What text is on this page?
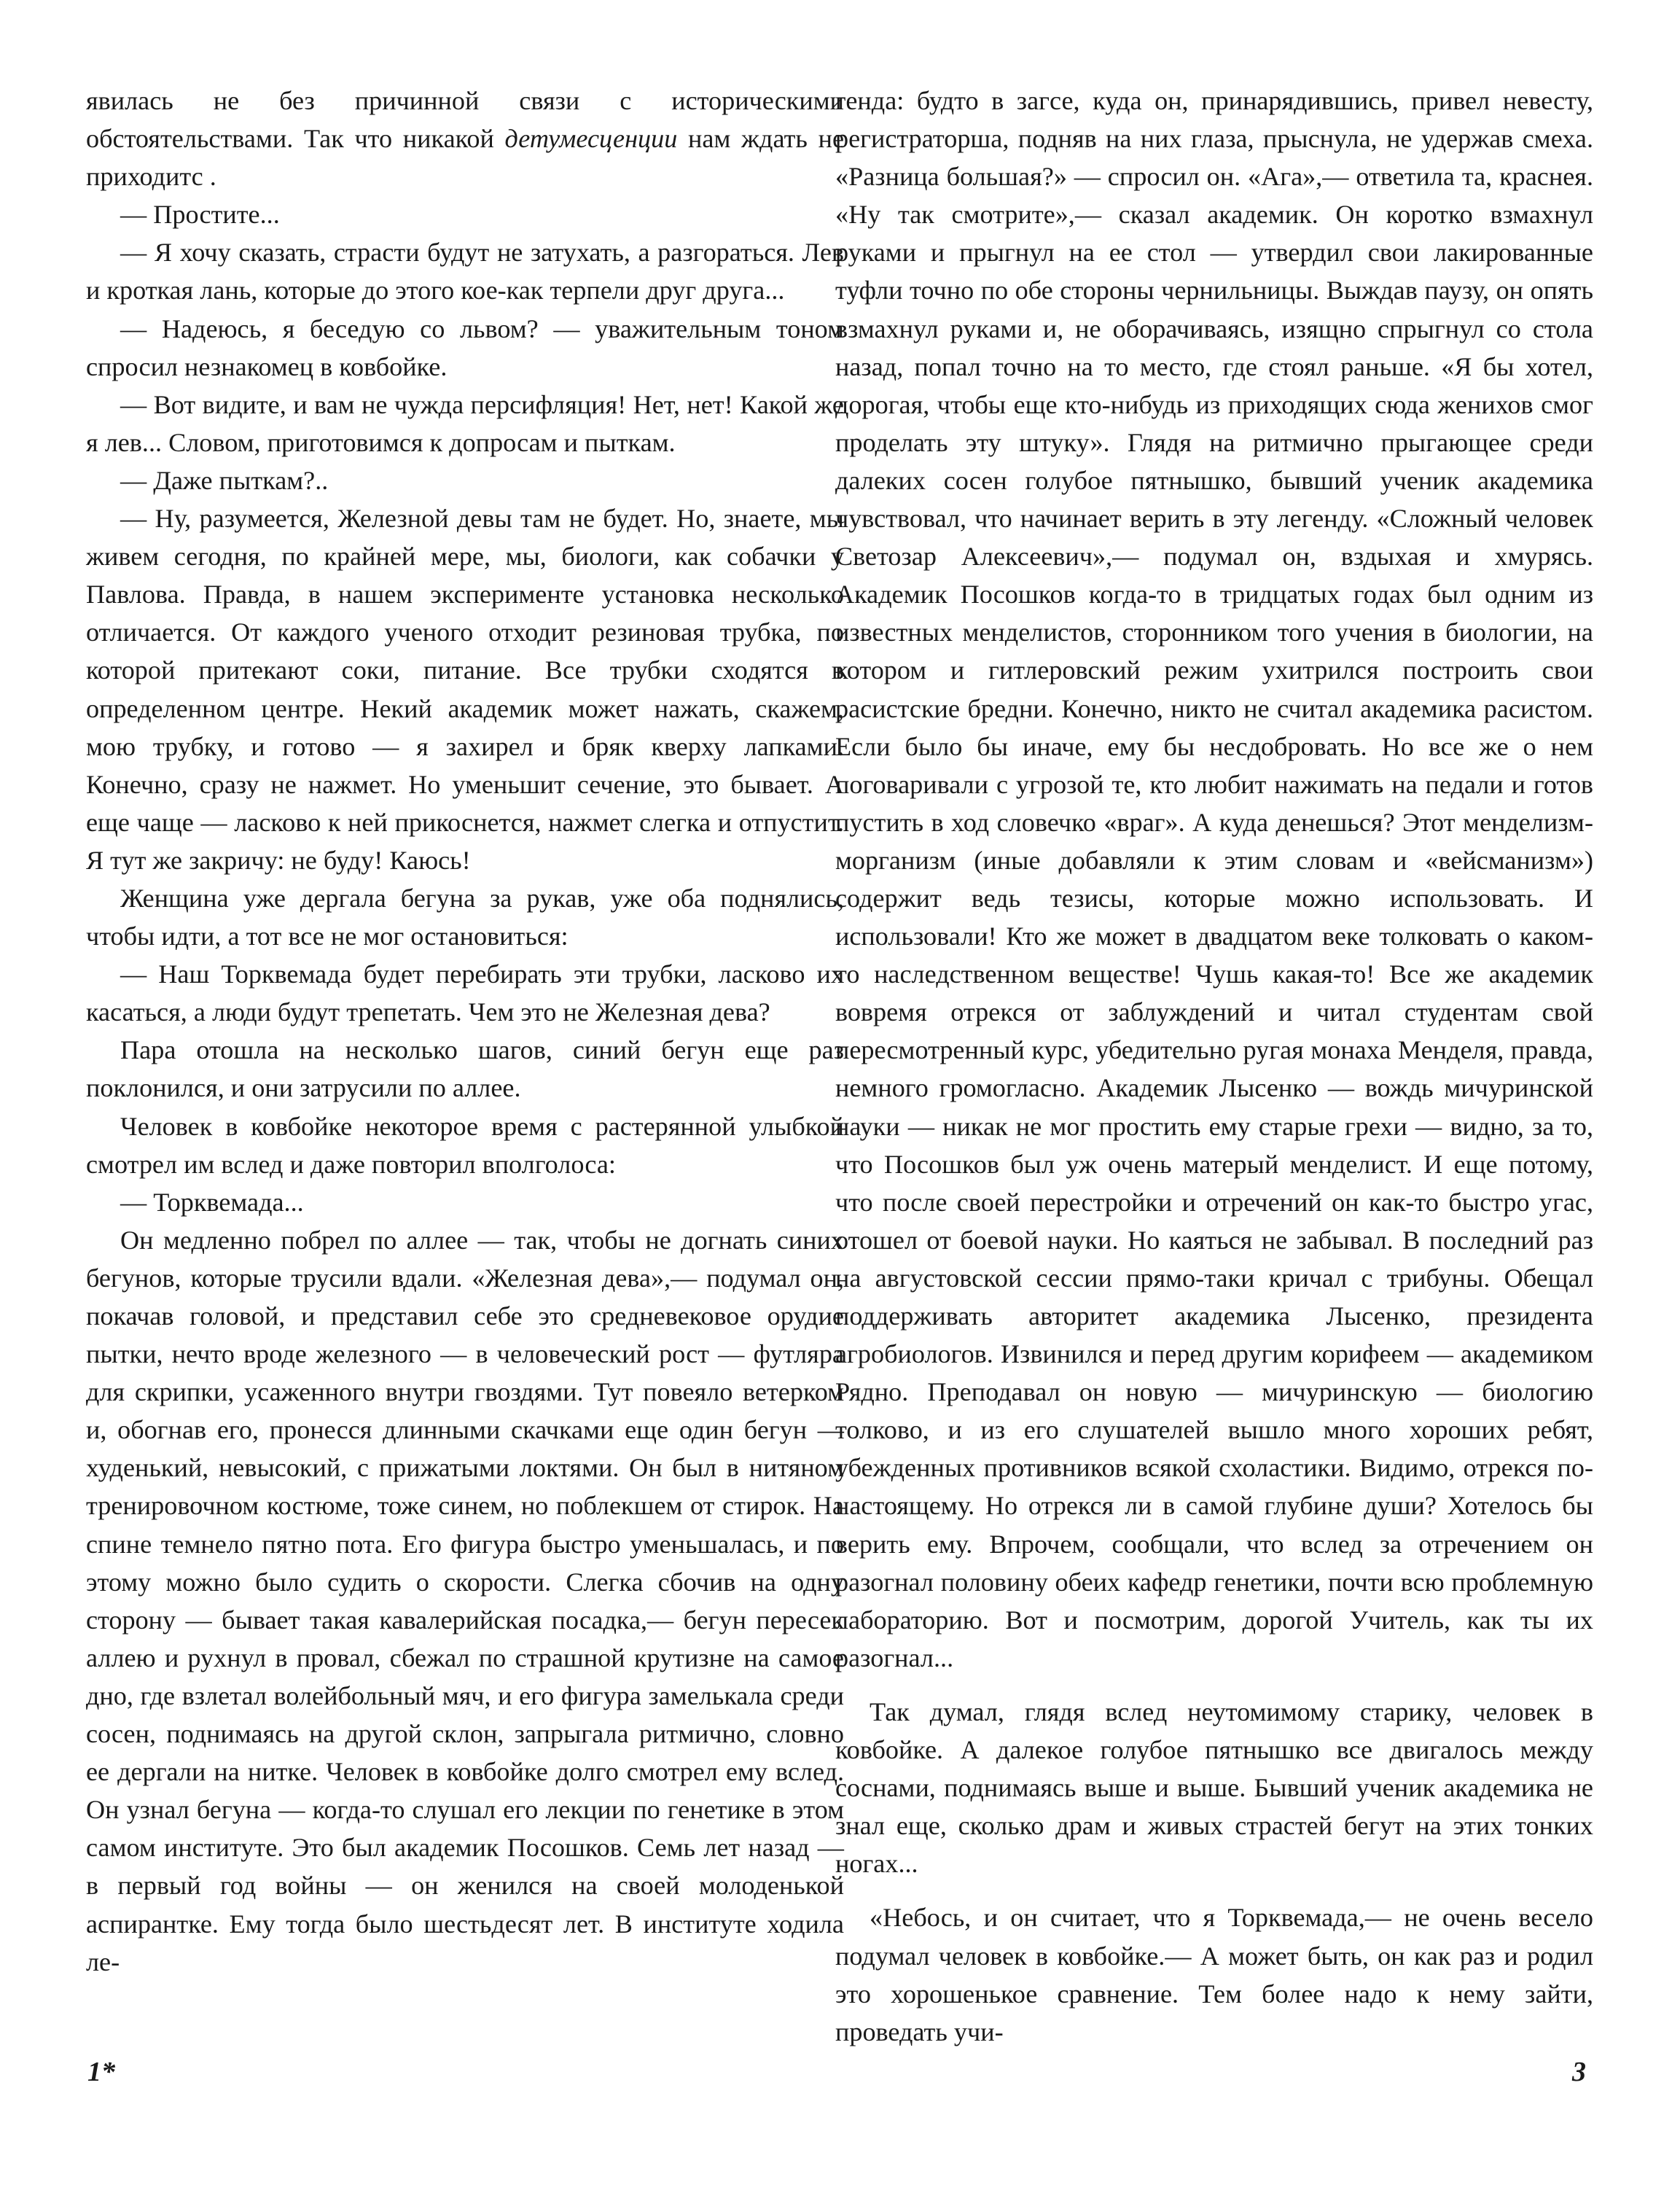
явилась не без причинной связи с историческими обстоятельствами. Так что никакой детумесценции нам ждать не приходитс .

— Простите...

— Я хочу сказать, страсти будут не затухать, а разгораться. Лев и кроткая лань, которые до этого кое-как терпели друг друга...

— Надеюсь, я беседую со львом? — уважительным тоном спросил незнакомец в ковбойке.

— Вот видите, и вам не чужда персифляция! Нет, нет! Какой же я лев... Словом, приготовимся к допросам и пыткам.

— Даже пыткам?..

— Ну, разумеется, Железной девы там не будет. Но, знаете, мы живем сегодня, по крайней мере, мы, биологи, как собачки у Павлова. Правда, в нашем эксперименте установка несколько отличается. От каждого ученого отходит резиновая трубка, по которой притекают соки, питание. Все трубки сходятся в определенном центре. Некий академик может нажать, скажем, мою трубку, и готово — я захирел и бряк кверху лапками. Конечно, сразу не нажмет. Но уменьшит сечение, это бывает. А еще чаще — ласково к ней прикоснется, нажмет слегка и отпустит. Я тут же закричу: не буду! Каюсь!

Женщина уже дергала бегуна за рукав, уже оба поднялись, чтобы идти, а тот все не мог остановиться:

— Наш Торквемада будет перебирать эти трубки, ласково их касаться, а люди будут трепетать. Чем это не Железная дева?

Пара отошла на несколько шагов, синий бегун еще раз поклонился, и они затрусили по аллее.

Человек в ковбойке некоторое время с растерянной улыбкой смотрел им вслед и даже повторил вполголоса:

— Торквемада...

Он медленно побрел по аллее — так, чтобы не догнать синих бегунов, которые трусили вдали. «Железная дева»,— подумал он, покачав головой, и представил себе это средневековое орудие пытки, нечто вроде железного — в человеческий рост — футляра для скрипки, усаженного внутри гвоздями. Тут повеяло ветерком и, обогнав его, пронесся длинными скачками еще один бегун — худенький, невысокий, с прижатыми локтями. Он был в нитяном тренировочном костюме, тоже синем, но поблекшем от стирок. На спине темнело пятно пота. Его фигура быстро уменьшалась, и по этому можно было судить о скорости. Слегка сбочив на одну сторону — бывает такая кавалерийская посадка,— бегун пересек аллею и рухнул в провал, сбежал по страшной крутизне на самое дно, где взлетал волейбольный мяч, и его фигура замелькала среди сосен, поднимаясь на другой склон, запрыгала ритмично, словно ее дергали на нитке. Человек в ковбойке долго смотрел ему вслед. Он узнал бегуна — когда-то слушал его лекции по генетике в этом самом институте. Это был академик Посошков. Семь лет назад — в первый год войны — он женился на своей молоденькой аспирантке. Ему тогда было шестьдесят лет. В институте ходила ле-

генда: будто в загсе, куда он, принарядившись, привел невесту, регистраторша, подняв на них глаза, прыснула, не удержав смеха. «Разница большая?» — спросил он. «Ага»,— ответила та, краснея. «Ну так смотрите»,— сказал академик. Он коротко взмахнул руками и прыгнул на ее стол — утвердил свои лакированные туфли точно по обе стороны чернильницы. Выждав паузу, он опять взмахнул руками и, не оборачиваясь, изящно спрыгнул со стола назад, попал точно на то место, где стоял раньше. «Я бы хотел, дорогая, чтобы еще кто-нибудь из приходящих сюда женихов смог проделать эту штуку». Глядя на ритмично прыгающее среди далеких сосен голубое пятнышко, бывший ученик академика чувствовал, что начинает верить в эту легенду. «Сложный человек Светозар Алексеевич»,— подумал он, вздыхая и хмурясь. Академик Посошков когда-то в тридцатых годах был одним из известных менделистов, сторонником того учения в биологии, на котором и гитлеровский режим ухитрился построить свои расистские бредни. Конечно, никто не считал академика расистом. Если было бы иначе, ему бы несдобровать. Но все же о нем поговаривали с угрозой те, кто любит нажимать на педали и готов пустить в ход словечко «враг». А куда денешься? Этот менделизм-морганизм (иные добавляли к этим словам и «вейсманизм») содержит ведь тезисы, которые можно использовать. И использовали! Кто же может в двадцатом веке толковать о каком-то наследственном веществе! Чушь какая-то! Все же академик вовремя отрекся от заблуждений и читал студентам свой пересмотренный курс, убедительно ругая монаха Менделя, правда, немного громогласно. Академик Лысенко — вождь мичуринской науки — никак не мог простить ему старые грехи — видно, за то, что Посошков был уж очень матерый менделист. И еще потому, что после своей перестройки и отречений он как-то быстро угас, отошел от боевой науки. Но каяться не забывал. В последний раз на августовской сессии прямо-таки кричал с трибуны. Обещал поддерживать авторитет академика Лысенко, президента агробиологов. Извинился и перед другим корифеем — академиком Рядно. Преподавал он новую — мичуринскую — биологию толково, и из его слушателей вышло много хороших ребят, убежденных противников всякой схоластики. Видимо, отрекся по-настоящему. Но отрекся ли в самой глубине души? Хотелось бы верить ему. Впрочем, сообщали, что вслед за отречением он разогнал половину обеих кафедр генетики, почти всю проблемную лабораторию. Вот и посмотрим, дорогой Учитель, как ты их разогнал...

Так думал, глядя вслед неутомимому старику, человек в ковбойке. А далекое голубое пятнышко все двигалось между соснами, поднимаясь выше и выше. Бывший ученик академика не знал еще, сколько драм и живых страстей бегут на этих тонких ногах...

«Небось, и он считает, что я Торквемада,— не очень весело подумал человек в ковбойке.— А может быть, он как раз и родил это хорошенькое сравнение. Тем более надо к нему зайти, проведать учи-

1*	3
